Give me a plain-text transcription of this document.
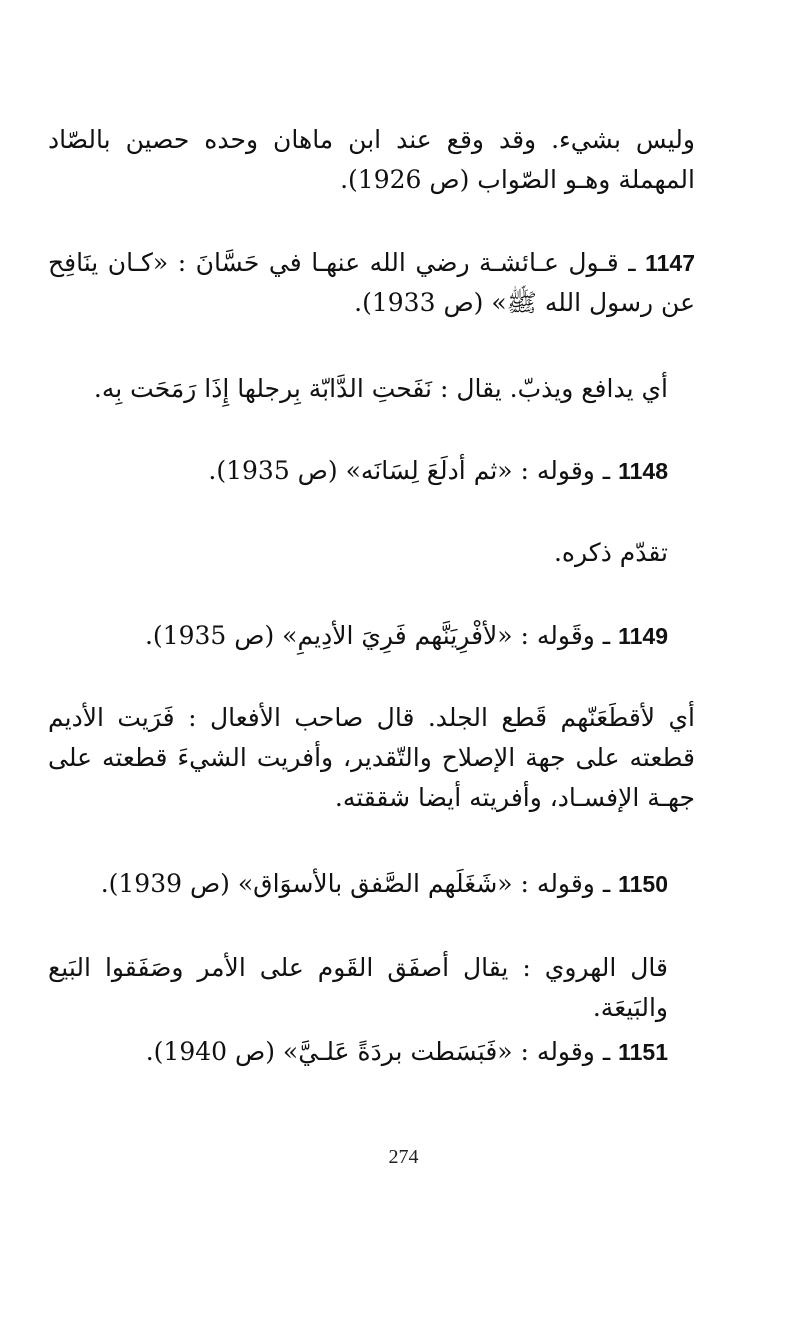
وليس بشيء. وقد وقع عند ابن ماهان وحده حصين بالصّاد المهملة وهـو الصّواب (ص 1926).

1147 ـ قـول عـائشـة رضي الله عنهـا في حَسَّانَ : «كـان ينَافِح عن رسول الله ﷺ» (ص 1933).

أي يدافع ويذبّ. يقال : نَفَحتِ الدَّابّة بِرجلها إِذَا رَمَحَت بِه.

1148 ـ وقوله : «ثم أدلَعَ لِسَانَه» (ص 1935).

تقدّم ذكره.

1149 ـ وقَوله : «لأفْرِيَنَّهم فَرِيَ الأدِيمِ» (ص 1935).

أي لأقطَعَنّهم قَطع الجلد. قال صاحب الأفعال : فَرَيت الأديم قطعته على جهة الإصلاح والتّقدير، وأفريت الشيءَ قطعته على جهـة الإفسـاد، وأفريته أيضا شققته.

1150 ـ وقوله : «شَغَلَهم الصَّفق بالأسوَاق» (ص 1939).

قال الهروي : يقال أصفَق القَوم على الأمر وصَفَقوا البَيع والبَيعَة.

1151 ـ وقوله : «فَبَسَطت بردَةً عَلـيَّ» (ص 1940).

274
